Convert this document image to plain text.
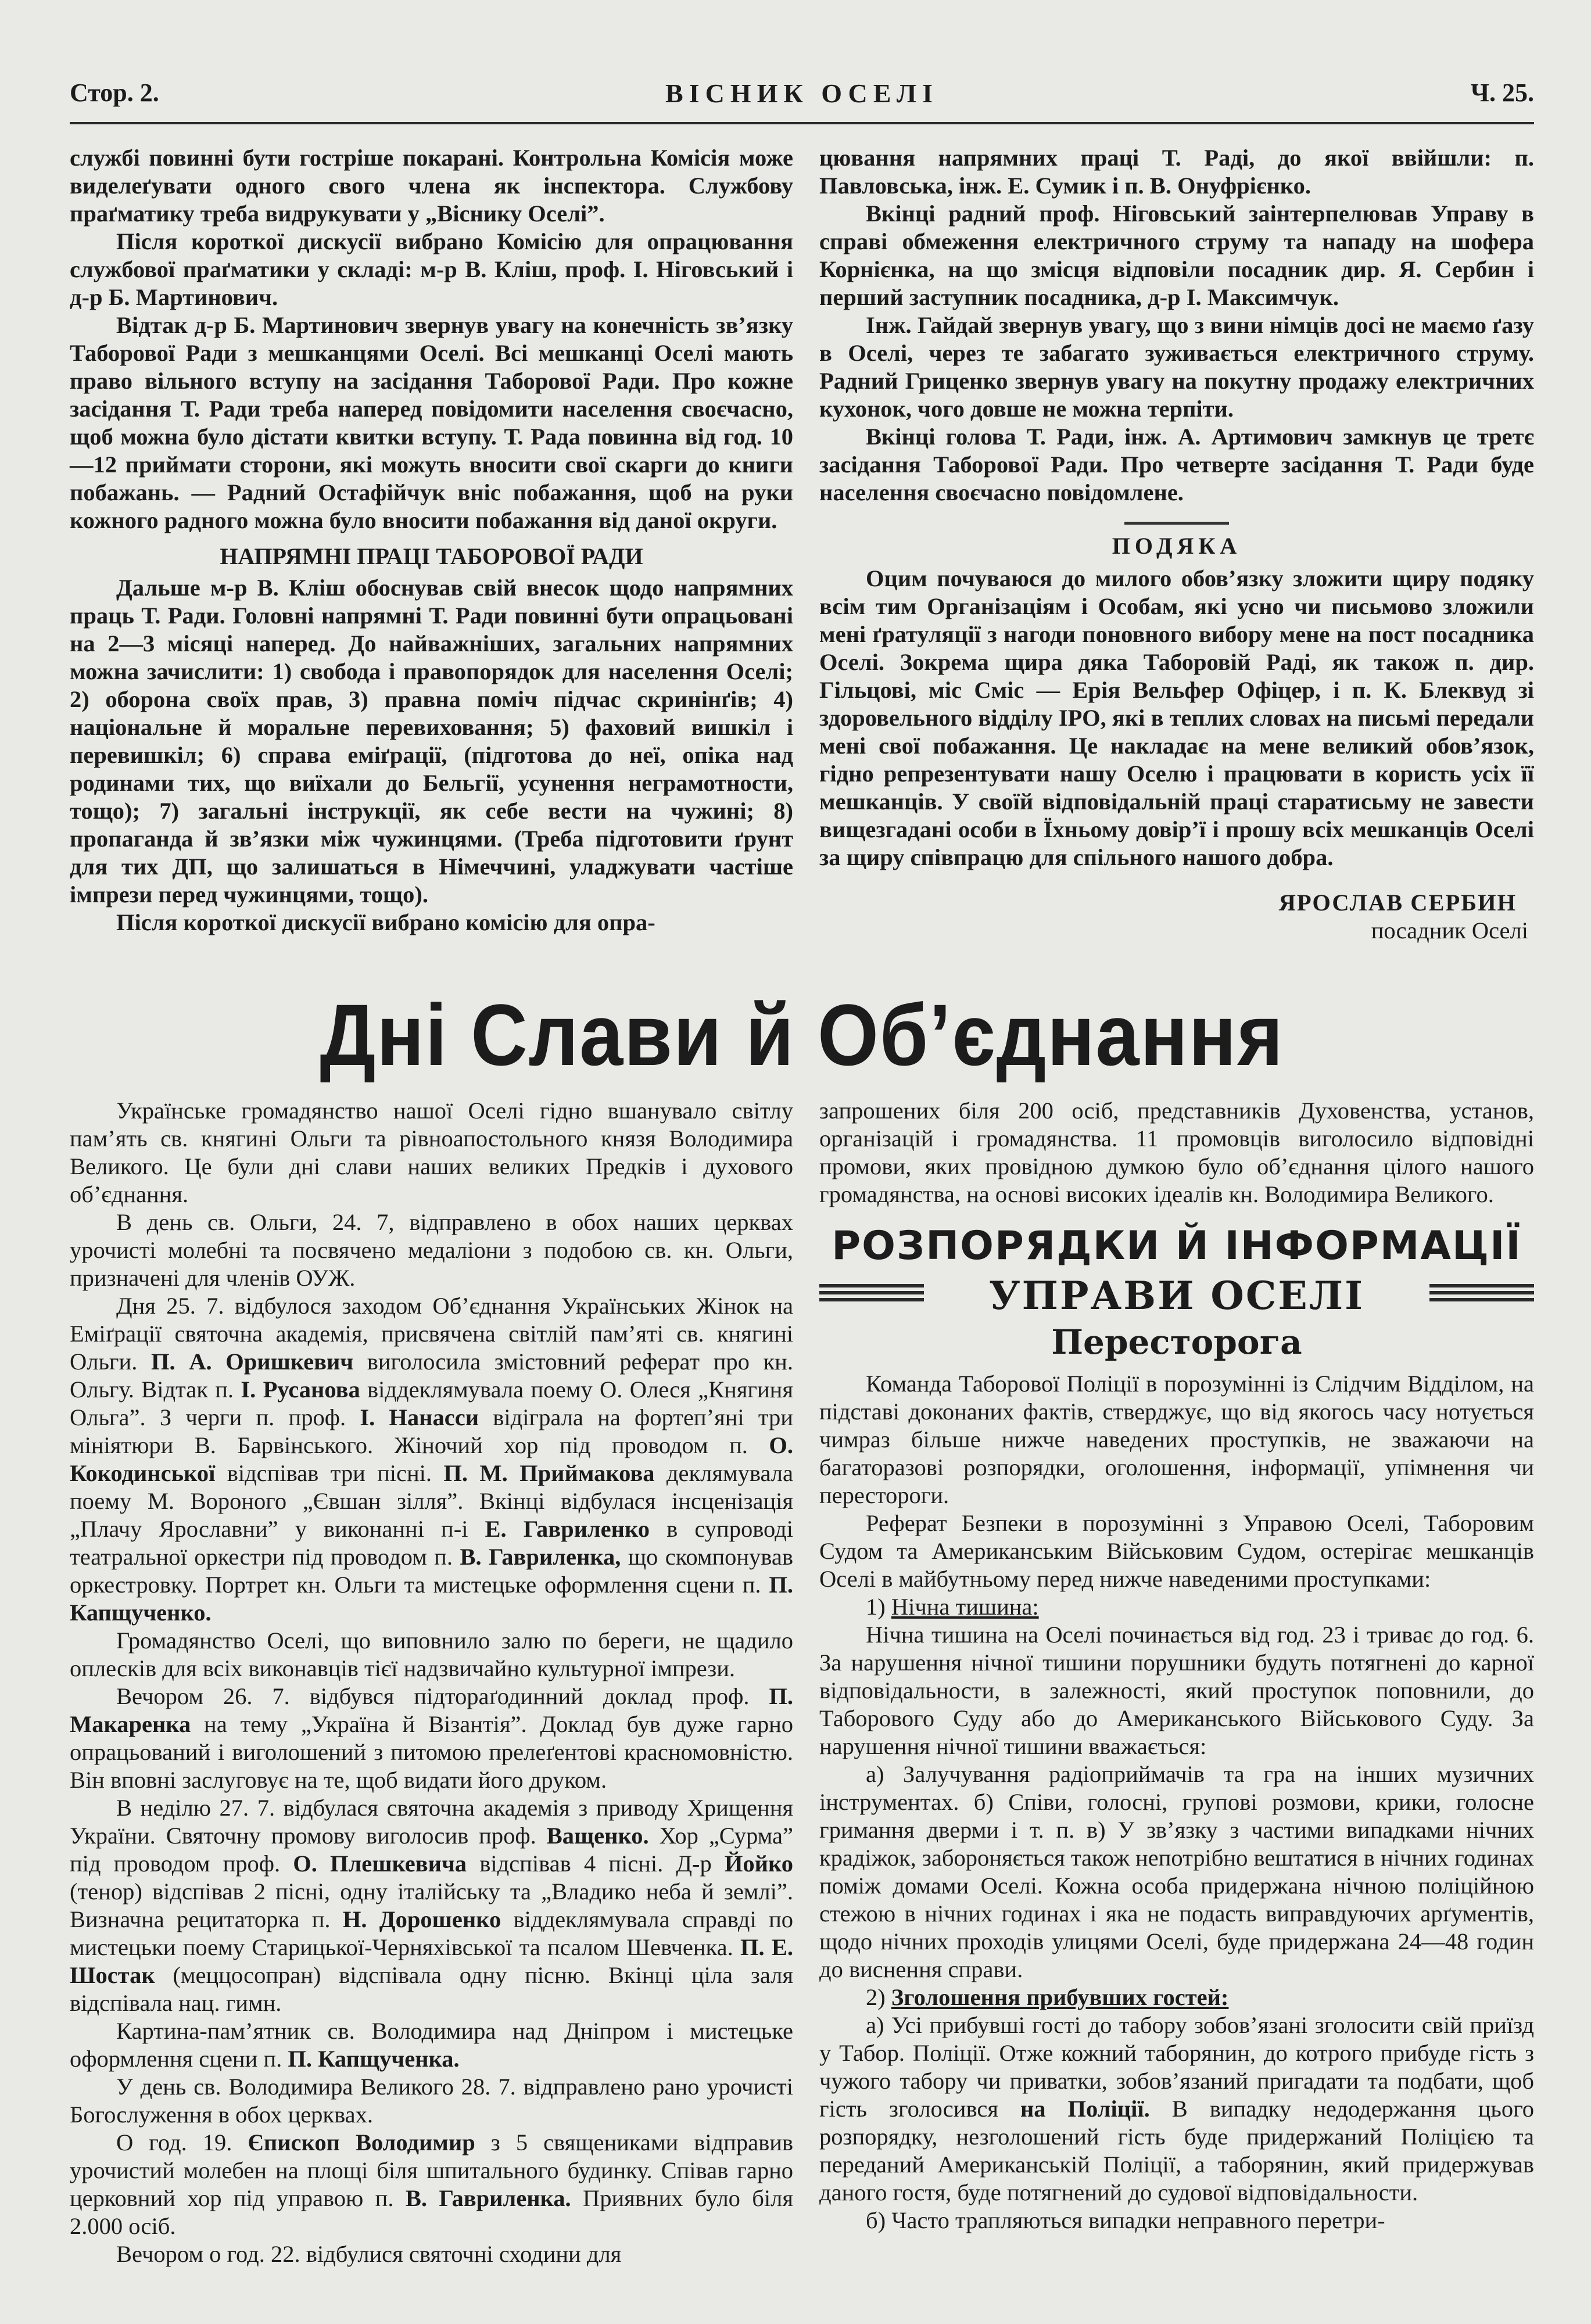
ВІСНИК ОСЕЛІ
Стор. 2.	Ч. 25.

службі повинні бути гостріше покарані. Контрольна Комісія може виделеґувати одного свого члена як інспектора. Службову праґматику треба видрукувати у „Віснику Оселі”.

Після короткої дискусії вибрано Комісію для опрацювання службової праґматики у складі: м-р В. Кліш, проф. І. Ніговський і д-р Б. Мартинович.

Відтак д-р Б. Мартинович звернув увагу на конечність зв’язку Таборової Ради з мешканцями Оселі. Всі мешканці Оселі мають право вільного вступу на засідання Таборової Ради. Про кожне засідання Т. Ради треба наперед повідомити населення своєчасно, щоб можна було дістати квитки вступу. Т. Рада повинна від год. 10—12 приймати сторони, які можуть вносити свої скарги до книги побажань. — Радний Остафійчук вніс побажання, щоб на руки кожного радного можна було вносити побажання від даної округи.

НАПРЯМНІ ПРАЦІ ТАБОРОВОЇ РАДИ

Дальше м-р В. Кліш обоснував свій внесок щодо напрямних праць Т. Ради. Головні напрямні Т. Ради повинні бути опрацьовані на 2—3 місяці наперед. До найважніших, загальних напрямних можна зачислити: 1) свобода і правопорядок для населення Оселі; 2) оборона своїх прав, 3) правна поміч підчас скринінґів; 4) національне й моральне перевиховання; 5) фаховий вишкіл і перевишкіл; 6) справа еміґрації, (підготова до неї, опіка над родинами тих, що виїхали до Бельгії, усунення неграмотности, тощо); 7) загальні інструкції, як себе вести на чужині; 8) пропаганда й зв’язки між чужинцями. (Треба підготовити ґрунт для тих ДП, що залишаться в Німеччині, уладжувати частіше імпрези перед чужинцями, тощо).

Після короткої дискусії вибрано комісію для опра-

цювання напрямних праці Т. Раді, до якої ввійшли: п. Павловська, інж. Е. Сумик і п. В. Онуфрієнко.

Вкінці радний проф. Ніговський заінтерпелював Управу в справі обмеження електричного струму та нападу на шофера Корнієнка, на що змісця відповіли посадник дир. Я. Сербин і перший заступник посадника, д-р І. Максимчук.

Інж. Гайдай звернув увагу, що з вини німців досі не маємо ґазу в Оселі, через те забагато зуживається електричного струму. Радний Гриценко звернув увагу на покутну продажу електричних кухонок, чого довше не можна терпіти.

Вкінці голова Т. Ради, інж. А. Артимович замкнув це третє засідання Таборової Ради. Про четверте засідання Т. Ради буде населення своєчасно повідомлене.

ПОДЯКА

Оцим почуваюся до милого обов’язку зложити щиру подяку всім тим Організаціям і Особам, які усно чи письмово зложили мені ґратуляції з нагоди поновного вибору мене на пост посадника Оселі. Зокрема щира дяка Таборовій Раді, як також п. дир. Гільцові, міс Сміс — Ерія Вельфер Офіцер, і п. К. Блеквуд зі здоровельного відділу ІРО, які в теплих словах на письмі передали мені свої побажання. Це накладає на мене великий обов’язок, гідно репрезентувати нашу Оселю і працювати в користь усіх її мешканців. У своїй відповідальній праці старатисьму не завести вищезгадані особи в Їхньому довір’ї і прошу всіх мешканців Оселі за щиру співпрацю для спільного нашого добра.

ЯРОСЛАВ СЕРБИН
посадник Оселі
Дні Слави й Об’єднання

Українське громадянство нашої Оселі гідно вшанувало світлу пам’ять св. княгині Ольги та рівноапостольного князя Володимира Великого. Це були дні слави наших великих Предків і духового об’єднання.

В день св. Ольги, 24. 7, відправлено в обох наших церквах урочисті молебні та посвячено медаліони з подобою св. кн. Ольги, призначені для членів ОУЖ.

Дня 25. 7. відбулося заходом Об’єднання Українських Жінок на Еміґрації святочна академія, присвячена світлій пам’яті св. княгині Ольги. П. А. Оришкевич виголосила змістовний реферат про кн. Ольгу. Відтак п. І. Русанова віддеклямувала поему О. Олеся „Княгиня Ольга”. З черги п. проф. І. Нанасси відіграла на фортеп’яні три мініятюри В. Барвінського. Жіночий хор під проводом п. О. Кокодинської відспівав три пісні. П. М. Приймакова деклямувала поему М. Вороного „Євшан зілля”. Вкінці відбулася інсценізація „Плачу Ярославни” у виконанні п-і Е. Гавриленко в супроводі театральної оркестри під проводом п. В. Гавриленка, що скомпонував оркестровку. Портрет кн. Ольги та мистецьке оформлення сцени п. П. Капщученко.

Громадянство Оселі, що виповнило залю по береги, не щадило оплесків для всіх виконавців тієї надзвичайно культурної імпрези.

Вечором 26. 7. відбувся підтораґодинний доклад проф. П. Макаренка на тему „Україна й Візантія”. Доклад був дуже гарно опрацьований і виголошений з питомою прелеґентові красномовністю. Він вповні заслуговує на те, щоб видати його друком.

В неділю 27. 7. відбулася святочна академія з приводу Хрищення України. Святочну промову виголосив проф. Ващенко. Хор „Сурма” під проводом проф. О. Плешкевича відспівав 4 пісні. Д-р Йойко (тенор) відспівав 2 пісні, одну італійську та „Владико неба й землі”. Визначна рецитаторка п. Н. Дорошенко віддеклямувала справді по мистецьки поему Старицької-Черняхівської та псалом Шевченка. П. Е. Шостак (меццосопран) відспівала одну пісню. Вкінці ціла заля відспівала нац. гимн.

Картина-пам’ятник св. Володимира над Дніпром і мистецьке оформлення сцени п. П. Капщученка.

У день св. Володимира Великого 28. 7. відправлено рано урочисті Богослуження в обох церквах.

О год. 19. Єпископ Володимир з 5 священиками відправив урочистий молебен на площі біля шпитального будинку. Співав гарно церковний хор під управою п. В. Гавриленка. Приявних було біля 2.000 осіб.

Вечором о год. 22. відбулися святочні сходини для

запрошених біля 200 осіб, представників Духовенства, установ, організацій і громадянства. 11 промовців виголосило відповідні промови, яких провідною думкою було об’єднання цілого нашого громадянства, на основі високих ідеалів кн. Володимира Великого.

РОЗПОРЯДКИ Й ІНФОРМАЦІЇ
УПРАВИ ОСЕЛІ
Пересторога

Команда Таборової Поліції в порозумінні із Слідчим Відділом, на підставі доконаних фактів, стверджує, що від якогось часу нотується чимраз більше нижче наведених проступків, не зважаючи на багаторазові розпорядки, оголошення, інформації, упімнення чи перестороги.

Реферат Безпеки в порозумінні з Управою Оселі, Таборовим Судом та Американським Військовим Судом, остерігає мешканців Оселі в майбутньому перед нижче наведеними проступками:

1) Нічна тишина:

Нічна тишина на Оселі починається від год. 23 і триває до год. 6. За нарушення нічної тишини порушники будуть потягнені до карної відповідальности, в залежності, який проступок поповнили, до Таборового Суду або до Американського Військового Суду. За нарушення нічної тишини вважається:

а) Залучування радіоприймачів та гра на інших музичних інструментах. б) Співи, голосні, групові розмови, крики, голосне гримання дверми і т. п. в) У зв’язку з частими випадками нічних крадіжок, забороняється також непотрібно вештатися в нічних годинах поміж домами Оселі. Кожна особа придержана нічною поліційною стежою в нічних годинах і яка не подасть виправдуючих арґументів, щодо нічних проходів улицями Оселі, буде придержана 24—48 годин до виснення справи.

2) Зголошення прибувших гостей:

а) Усі прибувші гості до табору зобов’язані зголосити свій приїзд у Табор. Поліції. Отже кожний таборянин, до котрого прибуде гість з чужого табору чи приватки, зобов’язаний пригадати та подбати, щоб гість зголосився на Поліції. В випадку недодержання цього розпорядку, незголошений гість буде придержаний Поліцією та переданий Американській Поліції, а таборянин, який придержував даного гостя, буде потягнений до судової відповідальности.

б) Часто трапляються випадки неправного перетри-
